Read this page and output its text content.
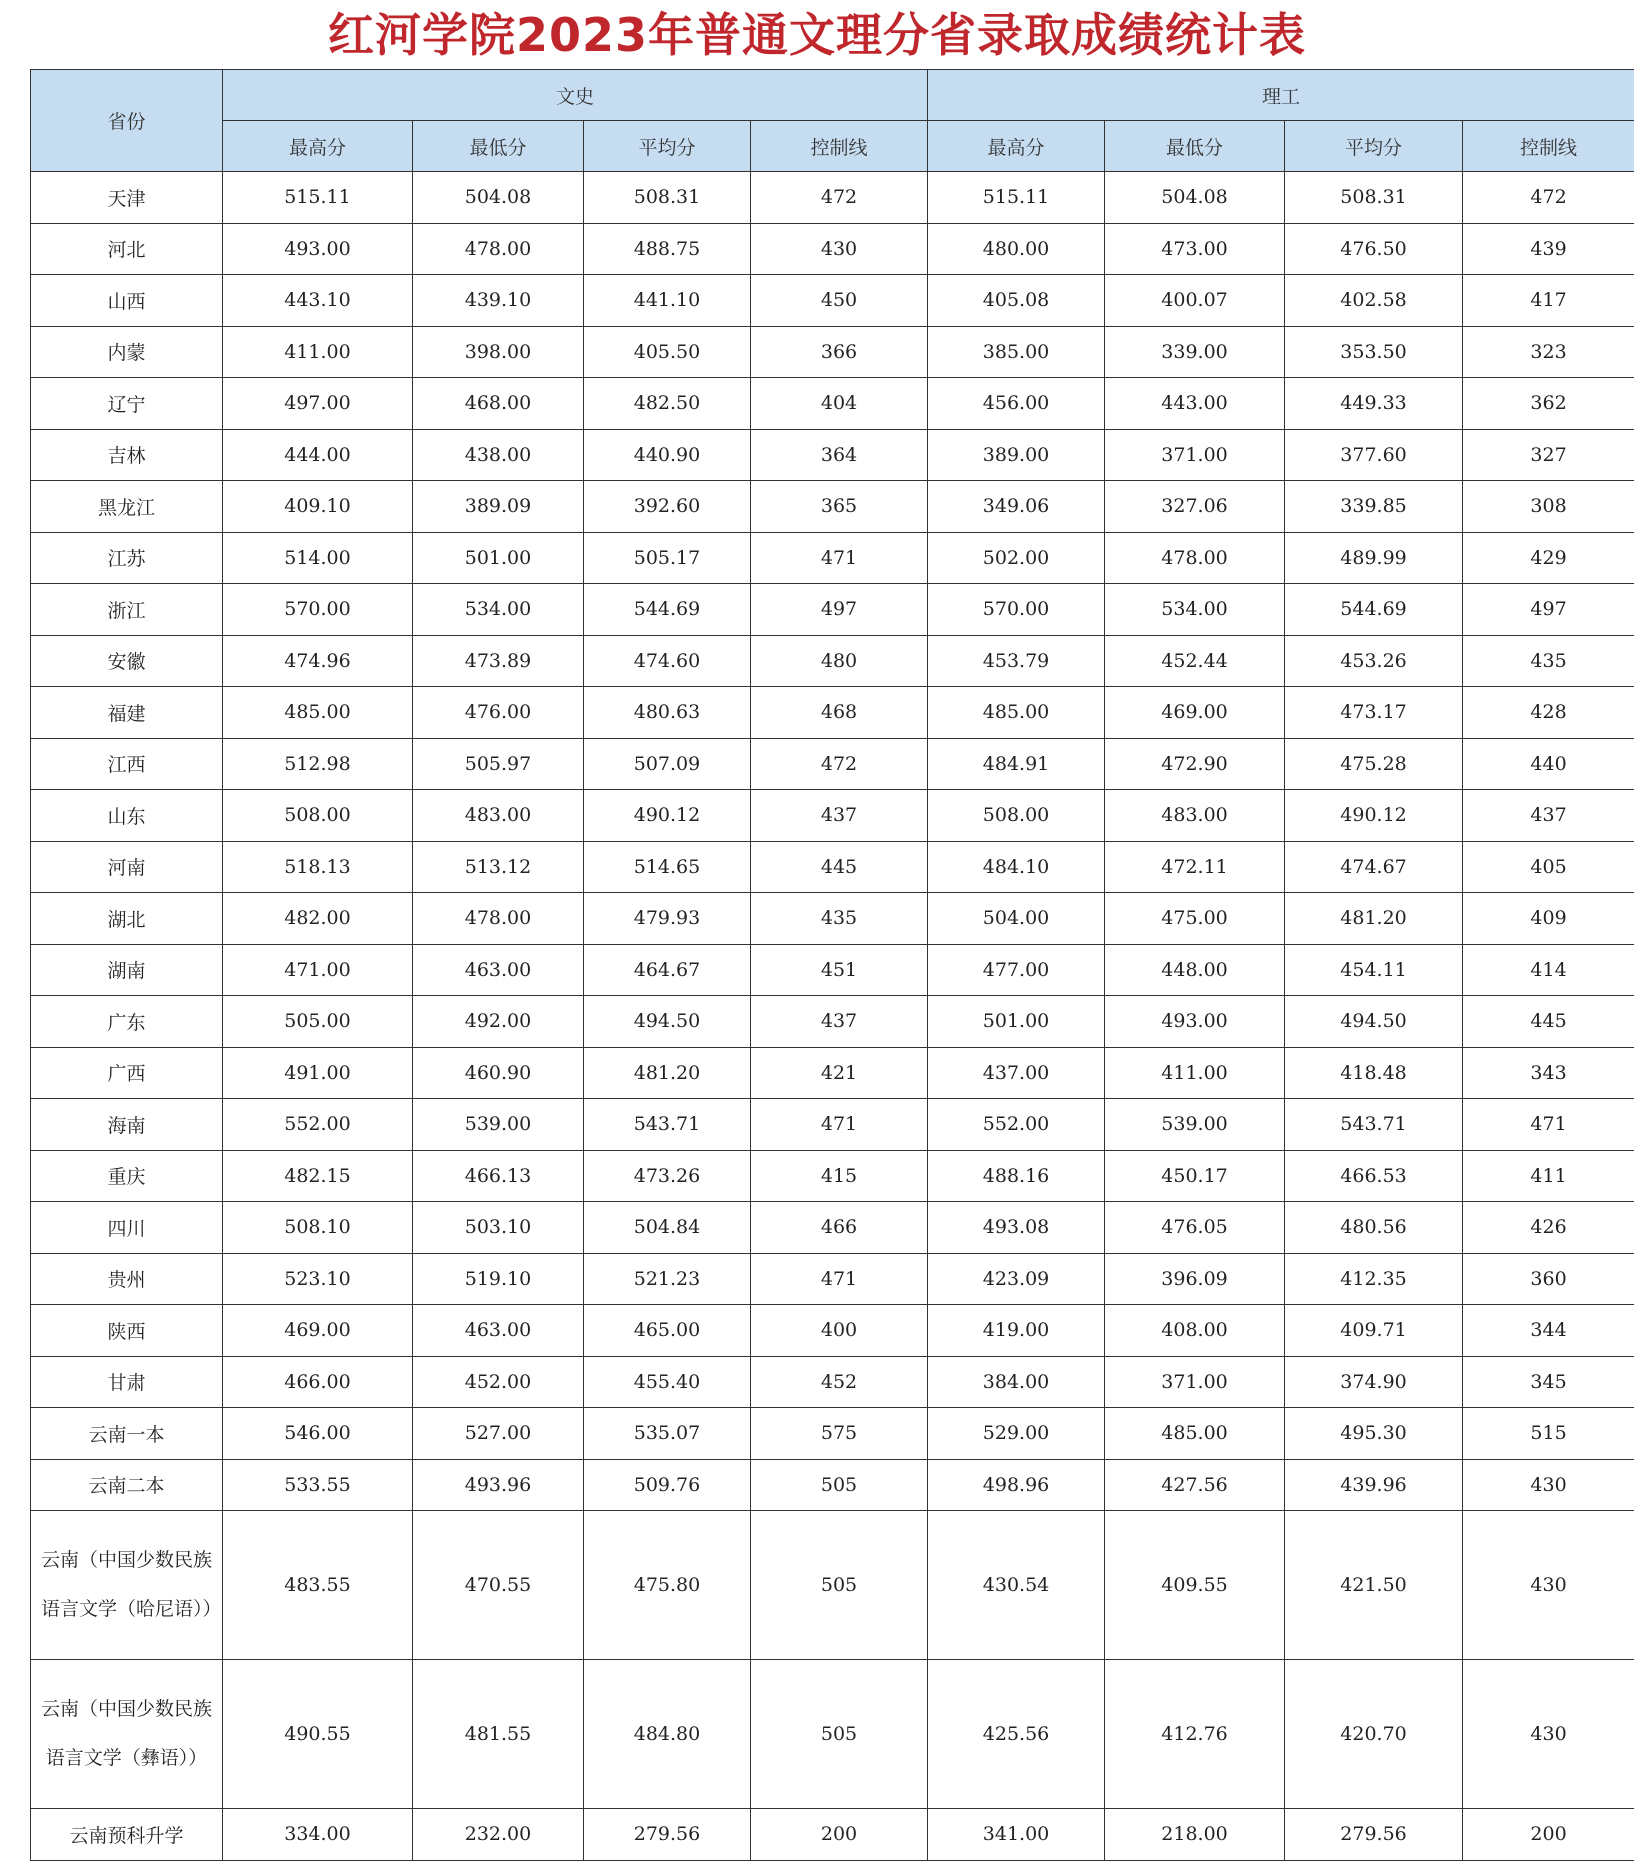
红河学院2023年普通文理分省录取成绩统计表
省份	文史				理工			
	最高分	最低分	平均分	控制线	最高分	最低分	平均分	控制线
天津	515.11	504.08	508.31	472	515.11	504.08	508.31	472
河北	493.00	478.00	488.75	430	480.00	473.00	476.50	439
山西	443.10	439.10	441.10	450	405.08	400.07	402.58	417
内蒙	411.00	398.00	405.50	366	385.00	339.00	353.50	323
辽宁	497.00	468.00	482.50	404	456.00	443.00	449.33	362
吉林	444.00	438.00	440.90	364	389.00	371.00	377.60	327
黑龙江	409.10	389.09	392.60	365	349.06	327.06	339.85	308
江苏	514.00	501.00	505.17	471	502.00	478.00	489.99	429
浙江	570.00	534.00	544.69	497	570.00	534.00	544.69	497
安徽	474.96	473.89	474.60	480	453.79	452.44	453.26	435
福建	485.00	476.00	480.63	468	485.00	469.00	473.17	428
江西	512.98	505.97	507.09	472	484.91	472.90	475.28	440
山东	508.00	483.00	490.12	437	508.00	483.00	490.12	437
河南	518.13	513.12	514.65	445	484.10	472.11	474.67	405
湖北	482.00	478.00	479.93	435	504.00	475.00	481.20	409
湖南	471.00	463.00	464.67	451	477.00	448.00	454.11	414
广东	505.00	492.00	494.50	437	501.00	493.00	494.50	445
广西	491.00	460.90	481.20	421	437.00	411.00	418.48	343
海南	552.00	539.00	543.71	471	552.00	539.00	543.71	471
重庆	482.15	466.13	473.26	415	488.16	450.17	466.53	411
四川	508.10	503.10	504.84	466	493.08	476.05	480.56	426
贵州	523.10	519.10	521.23	471	423.09	396.09	412.35	360
陕西	469.00	463.00	465.00	400	419.00	408.00	409.71	344
甘肃	466.00	452.00	455.40	452	384.00	371.00	374.90	345
云南一本	546.00	527.00	535.07	575	529.00	485.00	495.30	515
云南二本	533.55	493.96	509.76	505	498.96	427.56	439.96	430
云南（中国少数民族语言文学（哈尼语））	483.55	470.55	475.80	505	430.54	409.55	421.50	430
云南（中国少数民族语言文学（彝语））	490.55	481.55	484.80	505	425.56	412.76	420.70	430
云南预科升学	334.00	232.00	279.56	200	341.00	218.00	279.56	200
